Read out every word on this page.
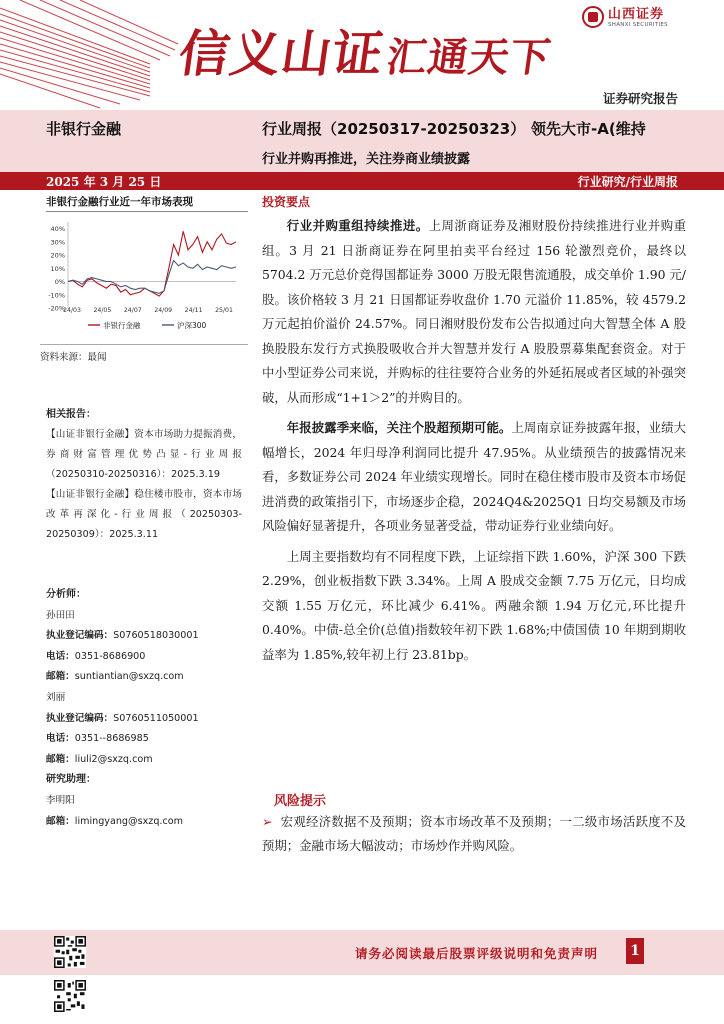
信义山证汇通天下
山西证券
SHANXI SECURITIES
证券研究报告
非银行金融	行业周报（20250317-20250323） 领先大市-A(维持
行业并购再推进，关注券商业绩披露
2025 年 3 月 25 日	行业研究/行业周报
非银行金融行业近一年市场表现
40%
30%
20%
10%
0%
-10%
-20%
24/03 24/05 24/07 24/09 24/11 25/01
非银行金融	沪深300
资料来源：最闻
相关报告：
【山证非银行金融】资本市场助力提振消费，券商财富管理优势凸显-行业周报（20250310-20250316）：2025.3.19
【山证非银行金融】稳住楼市股市，资本市场改革再深化-行业周报（20250303-20250309）：2025.3.11
分析师：
孙田田
执业登记编码：S0760518030001
电话：0351-8686900
邮箱：suntiantian@sxzq.com
刘丽
执业登记编码：S0760511050001
电话：0351--8686985
邮箱：liuli2@sxzq.com
研究助理：
李明阳
邮箱：limingyang@sxzq.com
投资要点

行业并购重组持续推进。上周浙商证券及湘财股份持续推进行业并购重组。3 月 21 日浙商证券在阿里拍卖平台经过 156 轮激烈竞价，最终以 5704.2 万元总价竞得国都证券 3000 万股无限售流通股，成交单价 1.90 元/股。该价格较 3 月 21 日国都证券收盘价 1.70 元溢价 11.85%，较 4579.2 万元起拍价溢价 24.57%。同日湘财股份发布公告拟通过向大智慧全体 A 股换股股东发行方式换股吸收合并大智慧并发行 A 股股票募集配套资金。对于中小型证券公司来说，并购标的往往要符合业务的外延拓展或者区域的补强突破，从而形成“1+1＞2”的并购目的。

年报披露季来临，关注个股超预期可能。上周南京证券披露年报，业绩大幅增长，2024 年归母净利润同比提升 47.95%。从业绩预告的披露情况来看，多数证券公司 2024 年业绩实现增长。同时在稳住楼市股市及资本市场促进消费的政策指引下，市场逐步企稳，2024Q4&2025Q1 日均交易额及市场风险偏好显著提升，各项业务显著受益，带动证券行业业绩向好。

上周主要指数均有不同程度下跌，上证综指下跌 1.60%，沪深 300 下跌 2.29%，创业板指数下跌 3.34%。上周 A 股成交金额 7.75 万亿元，日均成交额 1.55 万亿元，环比减少 6.41%。两融余额 1.94 万亿元,环比提升 0.40%。中债-总全价(总值)指数较年初下跌 1.68%;中债国债 10 年期到期收益率为 1.85%,较年初上行 23.81bp。

风险提示
➢ 宏观经济数据不及预期；资本市场改革不及预期；一二级市场活跃度不及预期；金融市场大幅波动；市场炒作并购风险。
请务必阅读最后股票评级说明和免责声明 1
